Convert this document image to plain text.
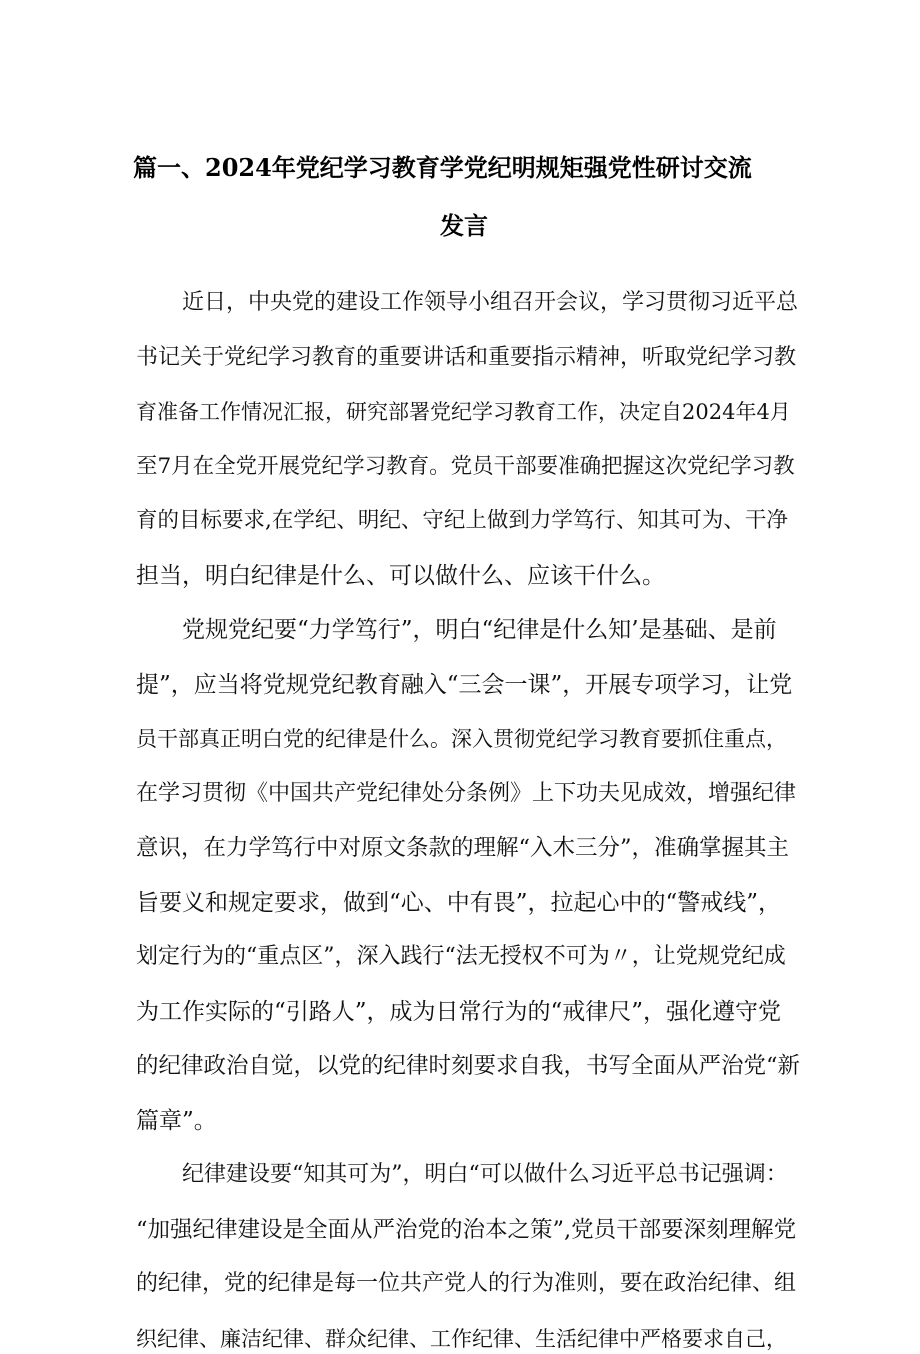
篇一、2024年党纪学习教育学党纪明规矩强党性研讨交流
发言

近日，中央党的建设工作领导小组召开会议，学习贯彻习近平总

书记关于党纪学习教育的重要讲话和重要指示精神，听取党纪学习教

育准备工作情况汇报，研究部署党纪学习教育工作，决定自2024年4月

至7月在全党开展党纪学习教育。党员干部要准确把握这次党纪学习教

育的目标要求,在学纪、明纪、守纪上做到力学笃行、知其可为、干净

担当，明白纪律是什么、可以做什么、应该干什么。

党规党纪要“力学笃行”，明白“纪律是什么知’是基础、是前

提”，应当将党规党纪教育融入“三会一课”，开展专项学习，让党

员干部真正明白党的纪律是什么。深入贯彻党纪学习教育要抓住重点，

在学习贯彻《中国共产党纪律处分条例》上下功夫见成效，增强纪律

意识，在力学笃行中对原文条款的理解“入木三分”，准确掌握其主

旨要义和规定要求，做到“心、中有畏”，拉起心中的“警戒线”，

划定行为的“重点区”，深入践行“法无授权不可为〃，让党规党纪成

为工作实际的“引路人”，成为日常行为的“戒律尺”，强化遵守党

的纪律政治自觉，以党的纪律时刻要求自我，书写全面从严治党“新

篇章”。

纪律建设要“知其可为”，明白“可以做什么习近平总书记强调：

“加强纪律建设是全面从严治党的治本之策”,党员干部要深刻理解党

的纪律，党的纪律是每一位共产党人的行为准则，要在政治纪律、组

织纪律、廉洁纪律、群众纪律、工作纪律、生活纪律中严格要求自己，
